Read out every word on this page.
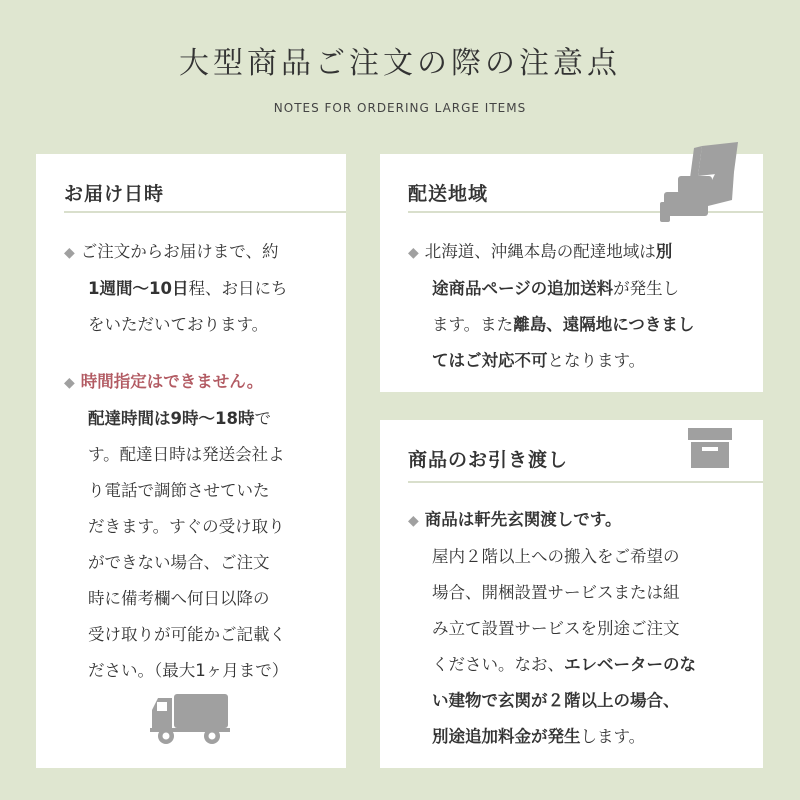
大型商品ご注文の際の注意点
NOTES FOR ORDERING LARGE ITEMS
お届け日時
◆ ご注文からお届けまで、約
1週間〜10日程、お日にち
をいただいております。
◆ 時間指定はできません。
配達時間は9時〜18時で
す。配達日時は発送会社よ
り電話で調節させていた
だきます。すぐの受け取り
ができない場合、ご注文
時に備考欄へ何日以降の
受け取りが可能かご記載く
ださい。（最大1ヶ月まで）
配送地域
◆ 北海道、沖縄本島の配達地域は別
途商品ページの追加送料が発生し
ます。また離島、遠隔地につきまし
てはご対応不可となります。
商品のお引き渡し
◆ 商品は軒先玄関渡しです。
屋内２階以上への搬入をご希望の
場合、開梱設置サービスまたは組
み立て設置サービスを別途ご注文
ください。なお、エレベーターのな
い建物で玄関が２階以上の場合、
別途追加料金が発生します。
